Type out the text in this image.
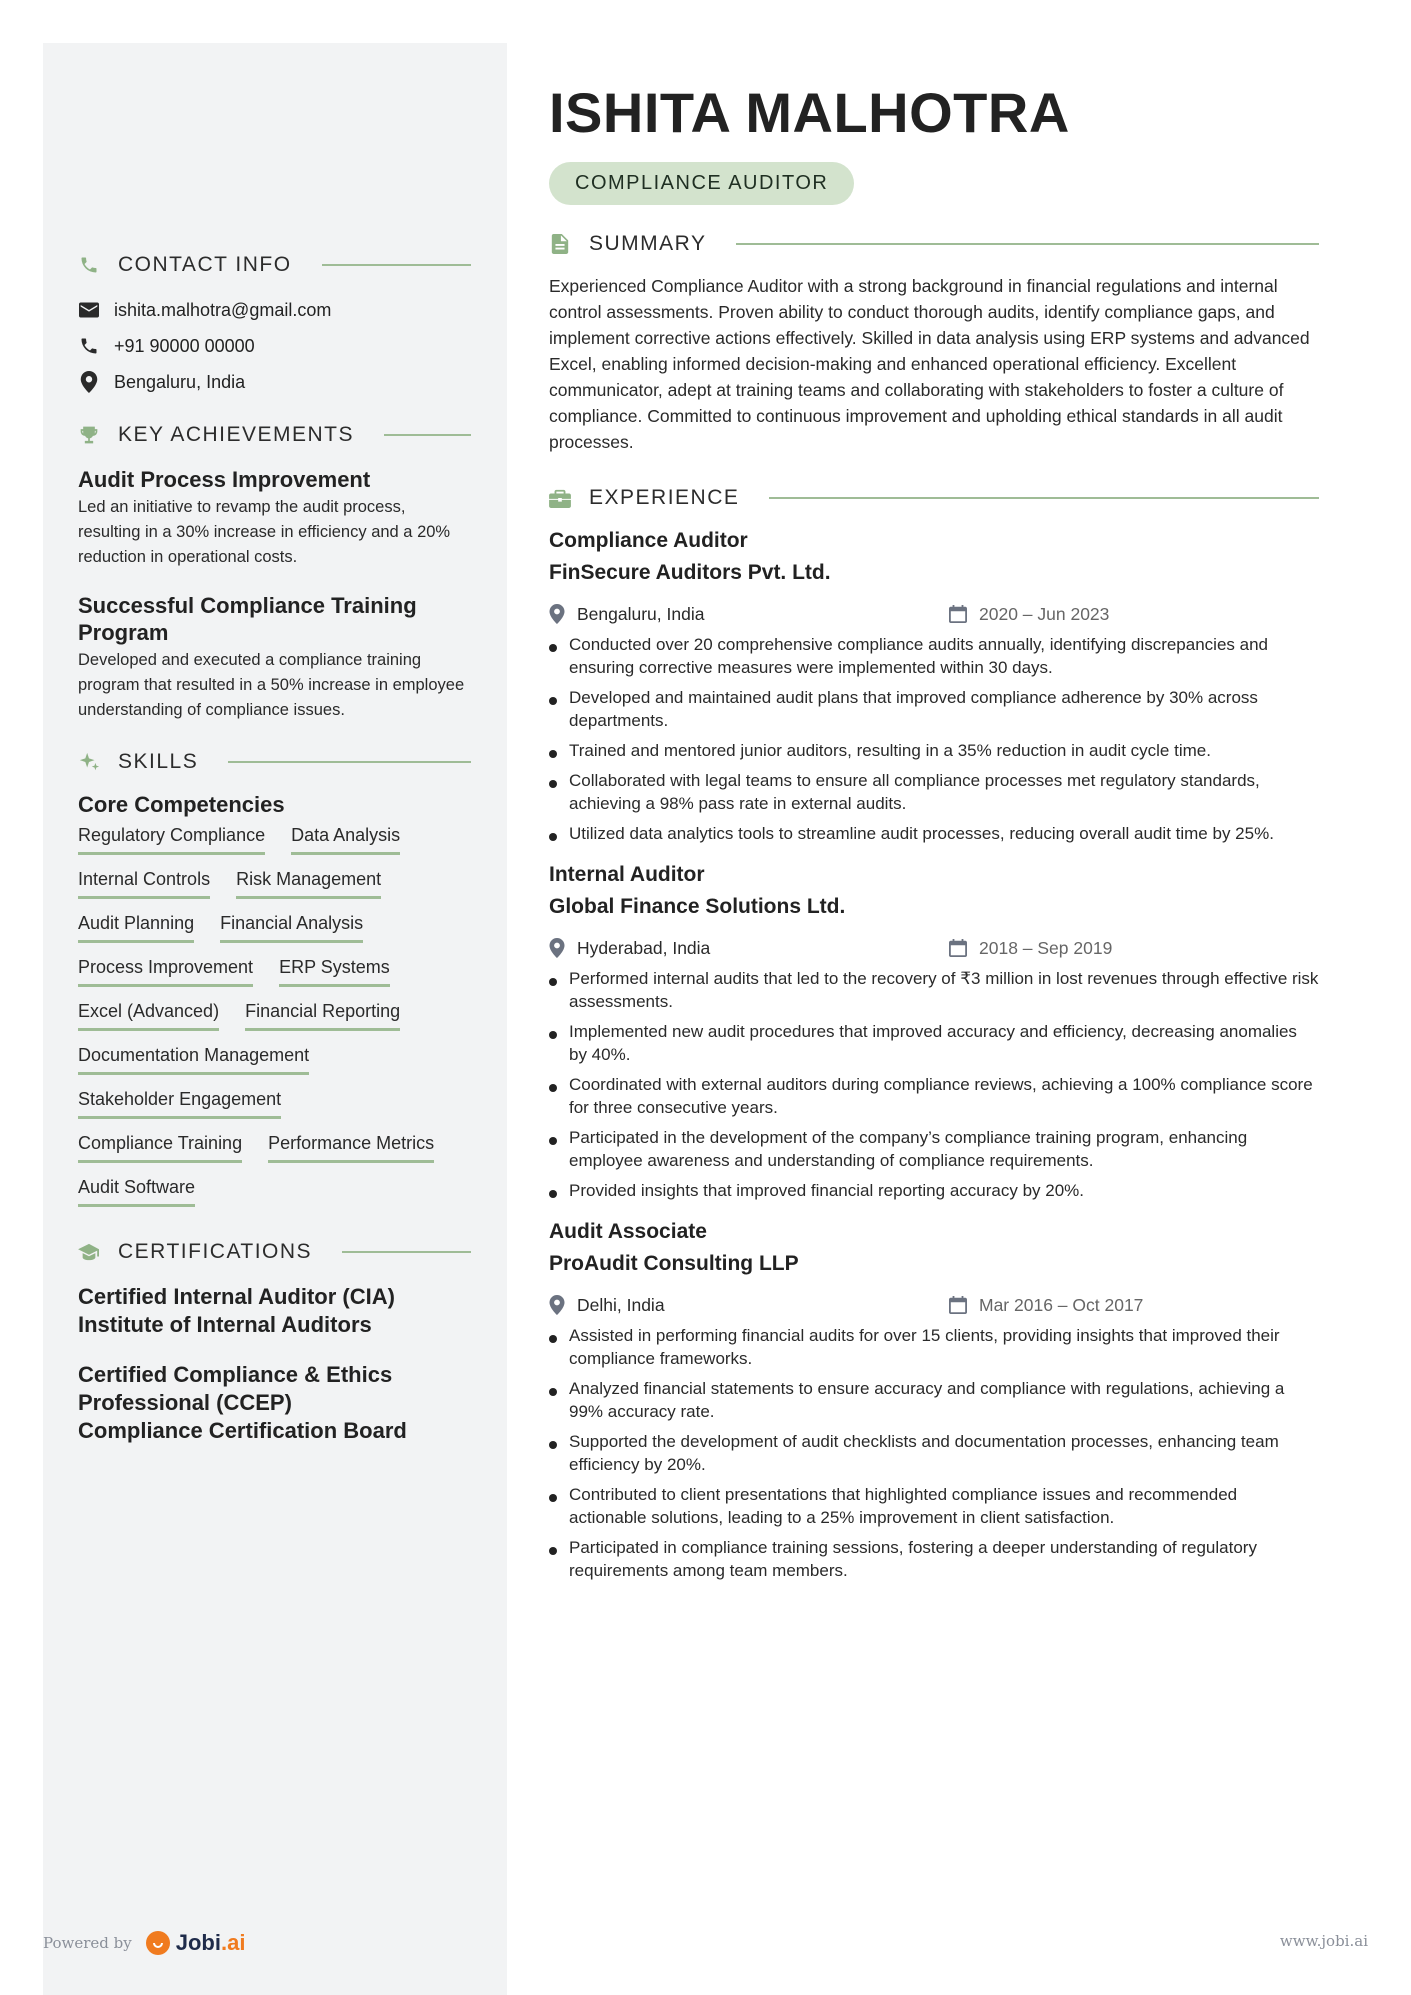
CONTACT INFO
ishita.malhotra@gmail.com
+91 90000 00000
Bengaluru, India
KEY ACHIEVEMENTS

Audit Process Improvement

Led an initiative to revamp the audit process, resulting in a 30% increase in efficiency and a 20% reduction in operational costs.

Successful Compliance Training Program

Developed and executed a compliance training program that resulted in a 50% increase in employee understanding of compliance issues.

SKILLS
Core Competencies
Regulatory Compliance Data Analysis
Internal Controls Risk Management
Audit Planning Financial Analysis
Process Improvement ERP Systems
Excel (Advanced) Financial Reporting
Documentation Management
Stakeholder Engagement
Compliance Training Performance Metrics
Audit Software
CERTIFICATIONS
Certified Internal Auditor (CIA)
Institute of Internal Auditors
Certified Compliance & Ethics Professional (CCEP)
Compliance Certification Board
ISHITA MALHOTRA
COMPLIANCE AUDITOR
SUMMARY

Experienced Compliance Auditor with a strong background in financial regulations and internal control assessments. Proven ability to conduct thorough audits, identify compliance gaps, and implement corrective actions effectively. Skilled in data analysis using ERP systems and advanced Excel, enabling informed decision-making and enhanced operational efficiency. Excellent communicator, adept at training teams and collaborating with stakeholders to foster a culture of compliance. Committed to continuous improvement and upholding ethical standards in all audit processes.

EXPERIENCE
Compliance Auditor
FinSecure Auditors Pvt. Ltd.
Bengaluru, India	2020 – Jun 2023
Conducted over 20 comprehensive compliance audits annually, identifying discrepancies and ensuring corrective measures were implemented within 30 days.
Developed and maintained audit plans that improved compliance adherence by 30% across departments.
Trained and mentored junior auditors, resulting in a 35% reduction in audit cycle time.
Collaborated with legal teams to ensure all compliance processes met regulatory standards, achieving a 98% pass rate in external audits.
Utilized data analytics tools to streamline audit processes, reducing overall audit time by 25%.
Internal Auditor
Global Finance Solutions Ltd.
Hyderabad, India	2018 – Sep 2019
Performed internal audits that led to the recovery of ₹3 million in lost revenues through effective risk assessments.
Implemented new audit procedures that improved accuracy and efficiency, decreasing anomalies by 40%.
Coordinated with external auditors during compliance reviews, achieving a 100% compliance score for three consecutive years.
Participated in the development of the company’s compliance training program, enhancing employee awareness and understanding of compliance requirements.
Provided insights that improved financial reporting accuracy by 20%.
Audit Associate
ProAudit Consulting LLP
Delhi, India	Mar 2016 – Oct 2017
Assisted in performing financial audits for over 15 clients, providing insights that improved their compliance frameworks.
Analyzed financial statements to ensure accuracy and compliance with regulations, achieving a 99% accuracy rate.
Supported the development of audit checklists and documentation processes, enhancing team efficiency by 20%.
Contributed to client presentations that highlighted compliance issues and recommended actionable solutions, leading to a 25% improvement in client satisfaction.
Participated in compliance training sessions, fostering a deeper understanding of regulatory requirements among team members.
Powered by Jobi.ai	www.jobi.ai
